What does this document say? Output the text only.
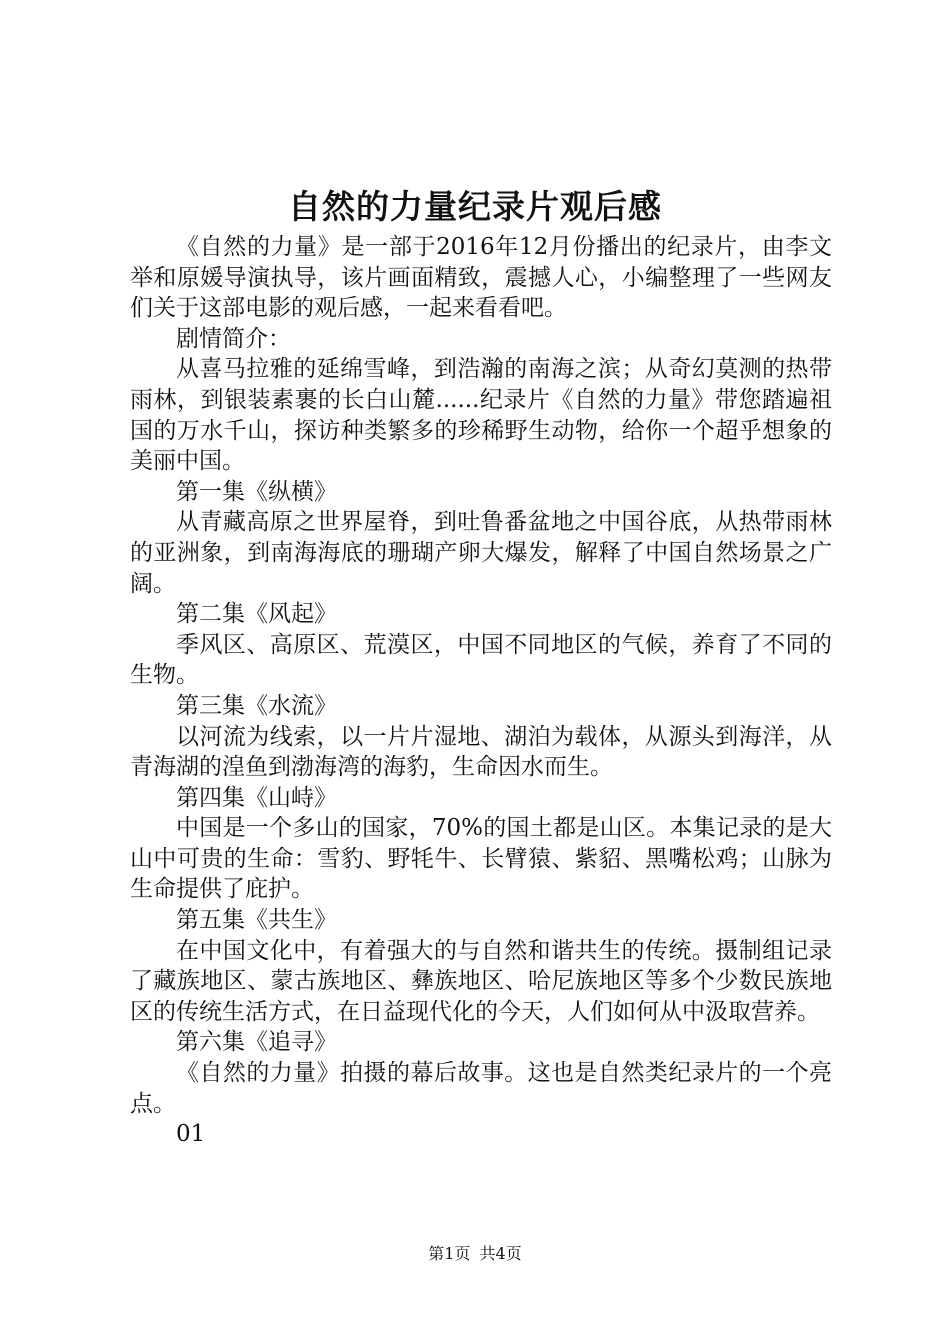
自然的力量纪录片观后感

《自然的力量》是一部于2016年12月份播出的纪录片，由李文举和原媛导演执导，该片画面精致，震撼人心，小编整理了一些网友们关于这部电影的观后感，一起来看看吧。

剧情简介：

从喜马拉雅的延绵雪峰，到浩瀚的南海之滨；从奇幻莫测的热带雨林，到银装素裹的长白山麓......纪录片《自然的力量》带您踏遍祖国的万水千山，探访种类繁多的珍稀野生动物，给你一个超乎想象的美丽中国。

第一集《纵横》

从青藏高原之世界屋脊，到吐鲁番盆地之中国谷底，从热带雨林的亚洲象，到南海海底的珊瑚产卵大爆发，解释了中国自然场景之广阔。

第二集《风起》

季风区、高原区、荒漠区，中国不同地区的气候，养育了不同的生物。

第三集《水流》

以河流为线索，以一片片湿地、湖泊为载体，从源头到海洋，从青海湖的湟鱼到渤海湾的海豹，生命因水而生。

第四集《山峙》

中国是一个多山的国家，70%的国土都是山区。本集记录的是大山中可贵的生命：雪豹、野牦牛、长臂猿、紫貂、黑嘴松鸡；山脉为生命提供了庇护。

第五集《共生》

在中国文化中，有着强大的与自然和谐共生的传统。摄制组记录了藏族地区、蒙古族地区、彝族地区、哈尼族地区等多个少数民族地区的传统生活方式，在日益现代化的今天，人们如何从中汲取营养。

第六集《追寻》

《自然的力量》拍摄的幕后故事。这也是自然类纪录片的一个亮点。

01

第1页 共4页
